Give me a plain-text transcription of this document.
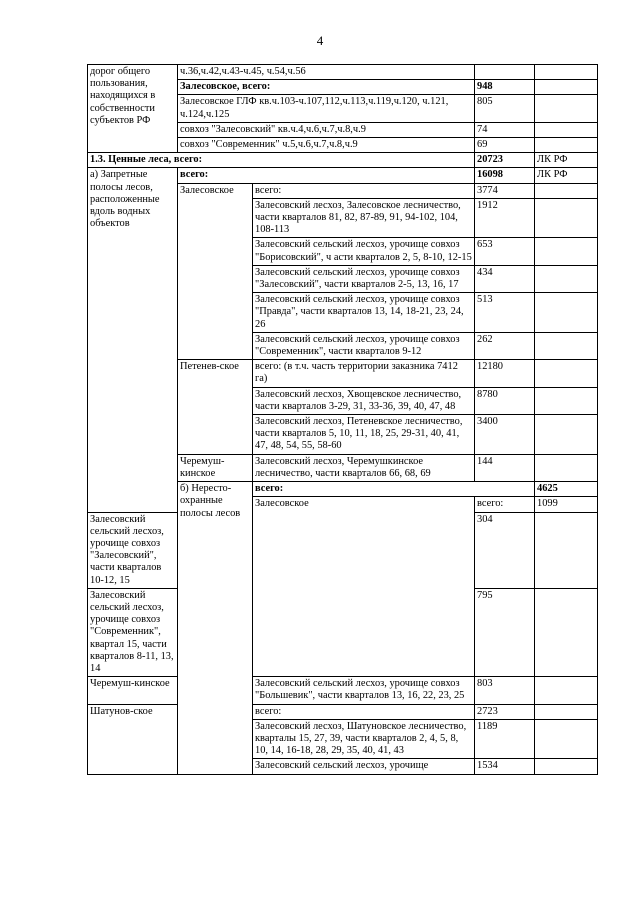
4
дорог общего пользования, находящихся в собственности субъектов РФ	ч.36,ч.42,ч.43-ч.45, ч.54,ч.56				
	Залесовское, всего:		948		
	Залесовское ГЛФ кв.ч.103-ч.107,112,ч.113,ч.119,ч.120, ч.121, ч.124,ч.125		805		
	совхоз "Залесовский" кв.ч.4,ч.6,ч.7,ч.8,ч.9		74		
	совхоз "Современник" ч.5,ч.6,ч.7,ч.8,ч.9		69		
1.3. Ценные леса, всего:			20723	ЛК РФ	
а) Запретные полосы лесов, расположенные вдоль водных объектов	всего:		16098	ЛК РФ	
	Залесовское	всего:	3774		
		Залесовский лесхоз, Залесовское лесничество, части кварталов 81, 82, 87-89, 91, 94-102, 104, 108-113	1912		
		Залесовский сельский лесхоз, урочище совхоз "Борисовский", ч асти кварталов 2, 5, 8-10, 12-15	653		
		Залесовский сельский лесхоз, урочище совхоз "Залесовский", части кварталов 2-5, 13, 16, 17	434		
		Залесовский сельский лесхоз, урочище совхоз "Правда", части кварталов 13, 14, 18-21, 23, 24, 26	513		
		Залесовский сельский лесхоз, урочище совхоз "Современник", части кварталов 9-12	262		
	Петенев-ское	всего: (в т.ч. часть территории заказника 7412 га)	12180		
		Залесовский лесхоз, Хвощевское лесничество, части кварталов 3-29, 31, 33-36, 39, 40, 47, 48	8780		
		Залесовский лесхоз, Петеневское лесничество, части кварталов 5, 10, 11, 18, 25, 29-31, 40, 41, 47, 48, 54, 55, 58-60	3400		
	Черемуш-кинское	Залесовский лесхоз, Черемушкинское лесничество, части кварталов 66, 68, 69	144		
	б) Нересто-охранные полосы лесов	всего:		4625	
		Залесовское	всего:	1099	
Залесовский сельский лесхоз, урочище совхоз "Залесовский", части кварталов 10-12, 15			304		
Залесовский сельский лесхоз, урочище совхоз "Современник", квартал 15, части кварталов 8-11, 13, 14			795		
Черемуш-кинское		Залесовский сельский лесхоз, урочище совхоз "Большевик", части кварталов 13, 16, 22, 23, 25	803		
Шатунов-ское		всего:	2723		
		Залесовский лесхоз, Шатуновское лесничество, кварталы 15, 27, 39, части кварталов 2, 4, 5, 8, 10, 14, 16-18, 28, 29, 35, 40, 41, 43	1189		
		Залесовский сельский лесхоз, урочище	1534		
